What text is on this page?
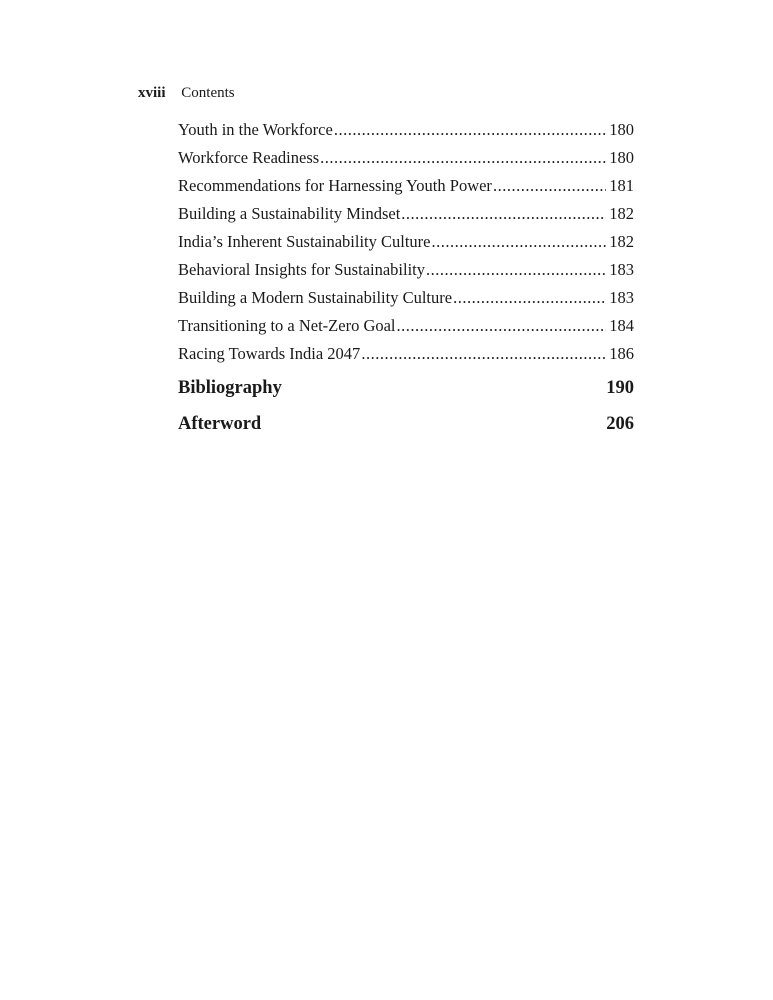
xviii Contents
Youth in the Workforce .....	180
Workforce Readiness .....	180
Recommendations for Harnessing Youth Power .....	181
Building a Sustainability Mindset .....	182
India’s Inherent Sustainability Culture .....	182
Behavioral Insights for Sustainability .....	183
Building a Modern Sustainability Culture .....	183
Transitioning to a Net-Zero Goal .....	184
Racing Towards India 2047 .....	186
Bibliography	190
Afterword	206
